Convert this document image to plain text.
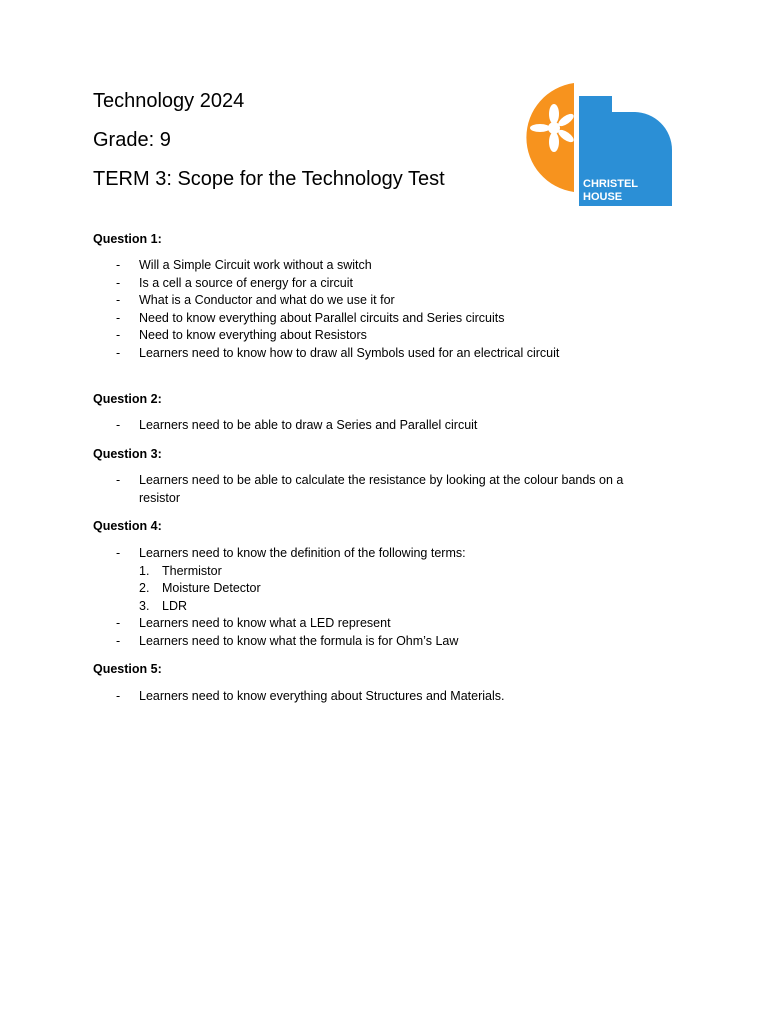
Technology 2024
Grade: 9
TERM 3: Scope for the Technology Test	CHRISTEL
HOUSE

Question 1:

- Will a Simple Circuit work without a switch
- Is a cell a source of energy for a circuit
- What is a Conductor and what do we use it for
- Need to know everything about Parallel circuits and Series circuits
- Need to know everything about Resistors
- Learners need to know how to draw all Symbols used for an electrical circuit

Question 2:

- Learners need to be able to draw a Series and Parallel circuit

Question 3:

- Learners need to be able to calculate the resistance by looking at the colour bands on a resistor

Question 4:

- Learners need to know the definition of the following terms:
1. Thermistor
2. Moisture Detector
3. LDR
- Learners need to know what a LED represent
- Learners need to know what the formula is for Ohm’s Law

Question 5:

- Learners need to know everything about Structures and Materials.
